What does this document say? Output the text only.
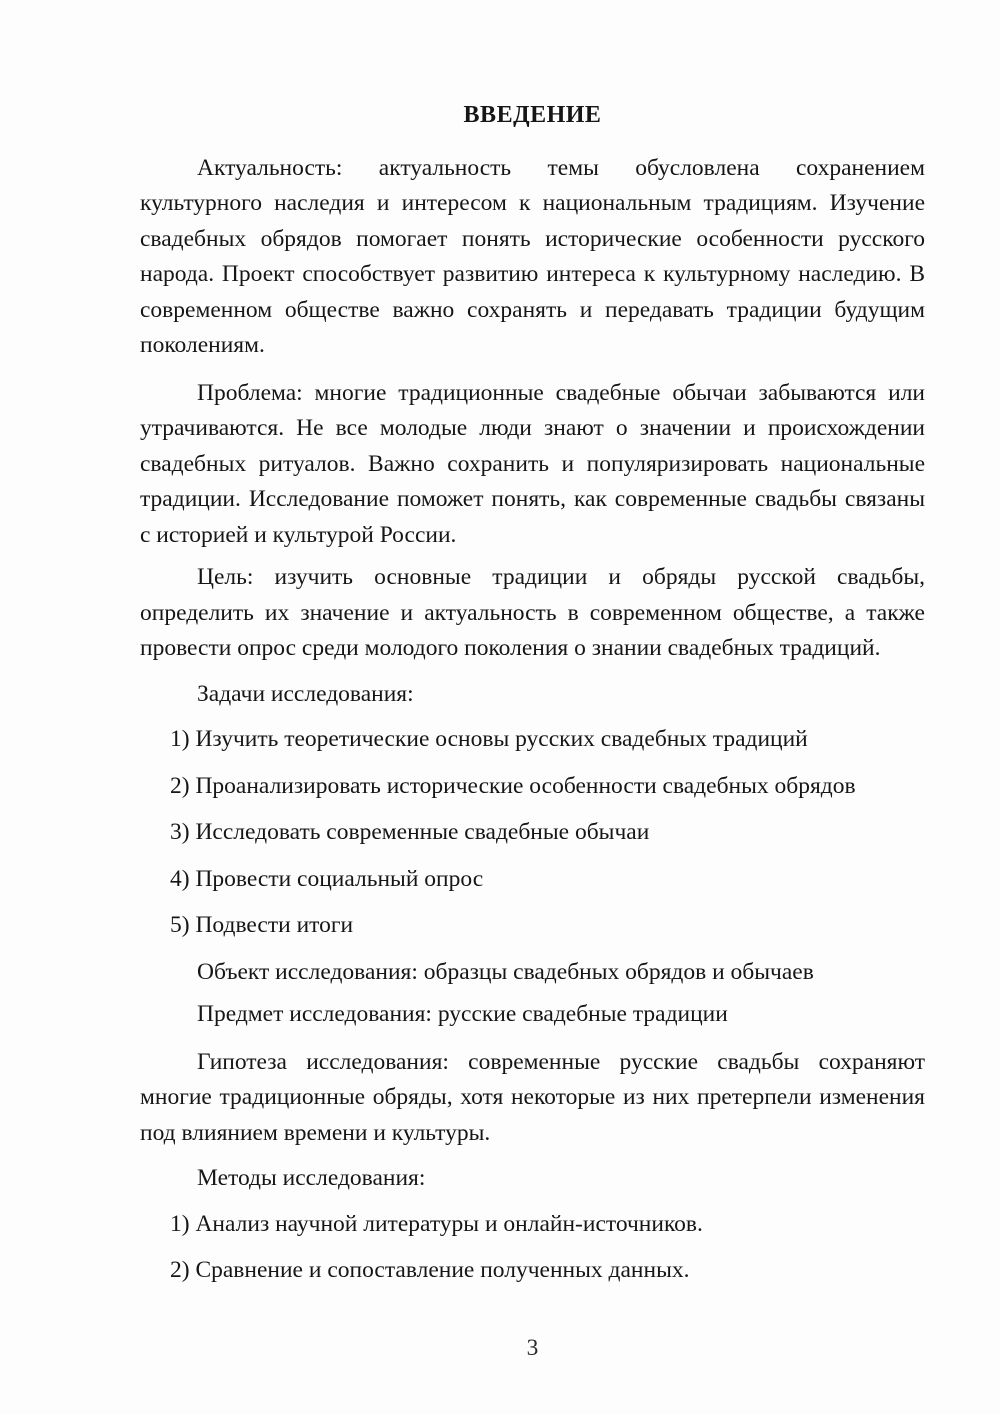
ВВЕДЕНИЕ

Актуальность: актуальность темы обусловлена сохранением культурного наследия и интересом к национальным традициям. Изучение свадебных обрядов помогает понять исторические особенности русского народа. Проект способствует развитию интереса к культурному наследию. В современном обществе важно сохранять и передавать традиции будущим поколениям.

Проблема: многие традиционные свадебные обычаи забываются или утрачиваются. Не все молодые люди знают о значении и происхождении свадебных ритуалов. Важно сохранить и популяризировать национальные традиции. Исследование поможет понять, как современные свадьбы связаны с историей и культурой России.

Цель: изучить основные традиции и обряды русской свадьбы, определить их значение и актуальность в современном обществе, а также провести опрос среди молодого поколения о знании свадебных традиций.

Задачи исследования:

1) Изучить теоретические основы русских свадебных традиций
2) Проанализировать исторические особенности свадебных обрядов
3) Исследовать современные свадебные обычаи
4) Провести социальный опрос
5) Подвести итоги

Объект исследования: образцы свадебных обрядов и обычаев

Предмет исследования: русские свадебные традиции

Гипотеза исследования: современные русские свадьбы сохраняют многие традиционные обряды, хотя некоторые из них претерпели изменения под влиянием времени и культуры.

Методы исследования:

1) Анализ научной литературы и онлайн-источников.
2) Сравнение и сопоставление полученных данных.
3
